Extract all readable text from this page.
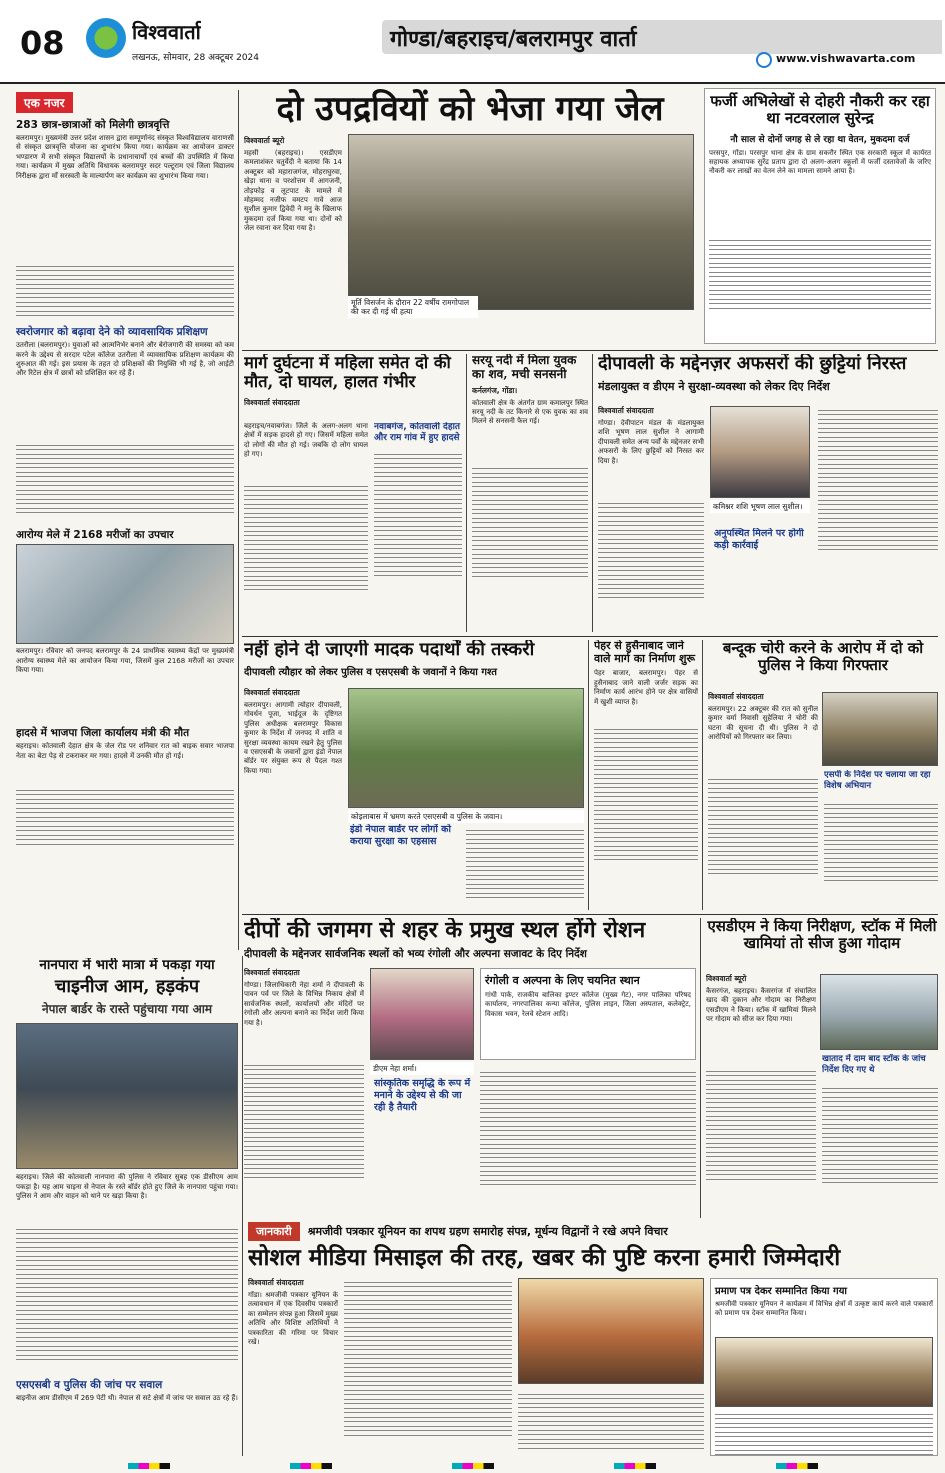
08	विश्ववार्ता
लखनऊ, सोमवार, 28 अक्टूबर 2024
गोण्डा/बहराइच/बलरामपुर वार्ता
www.vishwavarta.com
एक नजर
283 छात्र-छात्राओं को मिलेगी छात्रवृत्ति
बलरामपुर। मुख्यमंत्री उत्तर प्रदेश शासन द्वारा सम्पूर्णानंद संस्कृत विश्वविद्यालय वाराणसी से संस्कृत छात्रवृत्ति योजना का शुभारंभ किया गया। कार्यक्रम का आयोजन डाक्टर भण्डारण में सभी संस्कृत विद्यालयों के प्रधानाचार्यों एवं बच्चों की उपस्थिति में किया गया। कार्यक्रम में मुख्य अतिथि विधायक बलरामपुर सदर पल्टूराम एवं जिला विद्यालय निरीक्षक द्वारा माँ सरस्वती के माल्यार्पण कर कार्यक्रम का शुभारंभ किया गया।
स्वरोजगार को बढ़ावा देने को व्यावसायिक प्रशिक्षण
उतरौला (बलरामपुर)। युवाओं को आत्मनिर्भर बनाने और बेरोजगारी की समस्या को कम करने के उद्देश्य से सरदार पटेल कॉलेज उतरौला में व्यावसायिक प्रशिक्षण कार्यक्रम की शुरुआत की गई। इस प्रयास के तहत दो प्रशिक्षकों की नियुक्ति भी गई है, जो आईटी और रिटेल क्षेत्र में छात्रों को प्रशिक्षित कर रहे हैं।
आरोग्य मेले में 2168 मरीजों का उपचार
बलरामपुर। रविवार को जनपद बलरामपुर के 24 प्राथमिक स्वास्थ्य केंद्रों पर मुख्यमंत्री आरोग्य स्वास्थ्य मेले का आयोजन किया गया, जिसमें कुल 2168 मरीजों का उपचार किया गया।
हादसे में भाजपा जिला कार्यालय मंत्री की मौत
बहराइच। कोतवाली देहात क्षेत्र के जेल रोड पर शनिवार रात को बाइक सवार भाजपा नेता का बेटा पेड़ से टकराकर मर गया। हादसे में उनकी मौत हो गई।
दो उपद्रवियों को भेजा गया जेल
विश्ववार्ता ब्यूरो
महसी (बहराइच)। एसडीएम कमलाशंकर चतुर्वेदी ने बताया कि 14 अक्टूबर को महाराजगंज, मोहराघुरवा, खेड़ा थाना व परशोत्तम में आगजनी, तोड़फोड़ व लूटपाट के मामले में मोहम्मद नजीफ वमटप गावे आज सुशील कुमार द्विवेदी ने मनु के खिलाफ मुकदमा दर्ज किया गया था। दोनों को जेल रवाना कर दिया गया है।
मूर्ति विसर्जन के दौरान 22 वर्षीय रामगोपाल की कर दी गई थी हत्या
फर्जी अभिलेखों से दोहरी नौकरी कर रहा था नटवरलाल सुरेन्द्र
नौ साल से दोनों जगह से ले रहा था वेतन, मुकदमा दर्ज
परसपुर, गोंडा। परसपुर थाना क्षेत्र के ग्राम सकरौर स्थित एक सरकारी स्कूल में कार्यरत सहायक अध्यापक सुरेंद्र प्रताप द्वारा दो अलग-अलग स्कूलों में फर्जी दस्तावेजों के जरिए नौकरी कर लाखों का वेतन लेने का मामला सामने आया है।
मार्ग दुर्घटना में महिला समेत दो की मौत, दो घायल, हालत गंभीर
विश्ववार्ता संवाददाता
बहराइच/नवाबगंज। जिले के अलग-अलग थाना क्षेत्रों में सड़क हादसे हो गए। जिसमें महिला समेत दो लोगों की मौत हो गई। जबकि दो लोग घायल हो गए।
नवाबगंज, कोतवाली देहात और राम गांव में हुए हादसे
सरयू नदी में मिला युवक का शव, मची सनसनी
कर्नलगंज, गोंडा।
कोतवाली क्षेत्र के अंतर्गत ग्राम कमालपुर स्थित सरयू नदी के तट किनारे से एक युवक का शव मिलने से सनसनी फैल गई।
दीपावली के मद्देनज़र अफसरों की छुट्टियां निरस्त
मंडलायुक्त व डीएम ने सुरक्षा-व्यवस्था को लेकर दिए निर्देश
विश्ववार्ता संवाददाता
गोण्डा। देवीपाटन मंडल के मंडलायुक्त शशि भूषण लाल सुशील ने आगामी दीपावली समेत अन्य पर्वों के मद्देनजर सभी अफसरों के लिए छुट्टियों को निरस्त कर दिया है।
कमिश्नर शशि भूषण लाल सुशील।
अनुपस्थित मिलने पर होगी कड़ी कार्रवाई
नहीं होने दी जाएगी मादक पदार्थों की तस्करी
दीपावली त्यौहार को लेकर पुलिस व एसएसबी के जवानों ने किया गश्त
विश्ववार्ता संवाददाता
बलरामपुर। आगामी त्योहार दीपावली, गोवर्धन पूजा, भाईदूज के दृष्टिगत पुलिस अधीक्षक बलरामपुर विकास कुमार के निर्देश में जनपद में शांति व सुरक्षा व्यवस्था कायम रखने हेतु पुलिस व एसएसबी के जवानों द्वारा इंडो नेपाल बॉर्डर पर संयुक्त रूप से पैदल गश्त किया गया।
कोइलाबास में भ्रमण करते एसएसबी व पुलिस के जवान।
इंडो नेपाल बार्डर पर लोगों को कराया सुरक्षा का एहसास
पेहर से हुसैनाबाद जाने वाले मार्ग का निर्माण शुरू
पेहर बाजार, बलरामपुर। पेहर से हुसैनाबाद जाने वाली जर्जर सड़क का निर्माण कार्य आरंभ होने पर क्षेत्र वासियों में खुशी व्याप्त है।
बन्दूक चोरी करने के आरोप में दो को पुलिस ने किया गिरफ्तार
विश्ववार्ता संवाददाता
बलरामपुर। 22 अक्टूबर की रात को सुनील कुमार वर्मा निवासी सुहेलिया ने चोरी की घटना की सूचना दी थी। पुलिस ने दो आरोपियों को गिरफ्तार कर लिया।
एसपी के निर्देश पर चलाया जा रहा विशेष अभियान
दीपों की जगमग से शहर के प्रमुख स्थल होंगे रोशन
दीपावली के मद्देनजर सार्वजनिक स्थलों को भव्य रंगोली और अल्पना सजावट के दिए निर्देश
विश्ववार्ता संवाददाता
गोण्डा। जिलाधिकारी नेहा शर्मा ने दीपावली के पावन पर्व पर जिले के विभिन्न निकाय क्षेत्रों में सार्वजनिक स्थलों, कार्यालयों और मंदिरों पर रंगोली और अल्पना बनाने का निर्देश जारी किया गया है।
डीएम नेहा शर्मा।
सांस्कृतिक समृद्धि के रूप में मनाने के उद्देश्य से की जा रही है तैयारी
रंगोली व अल्पना के लिए चयनित स्थान
गांधी पार्क, राजकीय बालिका इण्टर कॉलेज (मुख्य गेट), नगर पालिका परिषद कार्यालय, नगरपालिका कन्या कॉलेज, पुलिस लाइन, जिला अस्पताल, कलेक्ट्रेट, विकास भवन, रेलवे स्टेशन आदि।
एसडीएम ने किया निरीक्षण, स्टॉक में मिली खामियां तो सीज हुआ गोदाम
विश्ववार्ता ब्यूरो
कैसरगंज, बहराइच। कैसरगंज में संचालित खाद की दुकान और गोदाम का निरीक्षण एसडीएम ने किया। स्टॉक में खामियां मिलने पर गोदाम को सीज कर दिया गया।
खाताद में दाम बाद स्टॉक के जांच निर्देश दिए गए थे
नानपारा में भारी मात्रा में पकड़ा गया
चाइनीज आम, हड़कंप
नेपाल बार्डर के रास्ते पहुंचाया गया आम
बहराइच। जिले की कोतवाली नानपारा की पुलिस ने रविवार सुबह एक डीसीएम आम पकड़ा है। यह आम चाइना से नेपाल के रस्ते बॉर्डर होते हुए जिले के नानपारा पहुंचा गया। पुलिस ने आम और वाहन को थाने पर खड़ा किया है।
एसएसबी व पुलिस की जांच पर सवाल
बाइनीज आम डीसीएम में 269 पेटी थी। नेपाल से सटे क्षेत्रों में जांच पर सवाल उठ रहे हैं।
जानकारी	श्रमजीवी पत्रकार यूनियन का शपथ ग्रहण समारोह संपन्न, मूर्धन्य विद्वानों ने रखे अपने विचार
सोशल मीडिया मिसाइल की तरह, खबर की पुष्टि करना हमारी जिम्मेदारी
विश्ववार्ता संवाददाता
गोंडा। श्रमजीवी पत्रकार यूनियन के तत्वावधान में एक दिवसीय पत्रकारों का सम्मेलन संपन्न हुआ जिसमें मुख्य अतिथि और विशिष्ट अतिथियों ने पत्रकारिता की गरिमा पर विचार रखे।
प्रमाण पत्र देकर सम्मानित किया गया
श्रमजीवी पत्रकार यूनियन ने कार्यक्रम में विभिन्न क्षेत्रों में उत्कृष्ट कार्य करने वाले पत्रकारों को प्रमाण पत्र देकर सम्मानित किया।
